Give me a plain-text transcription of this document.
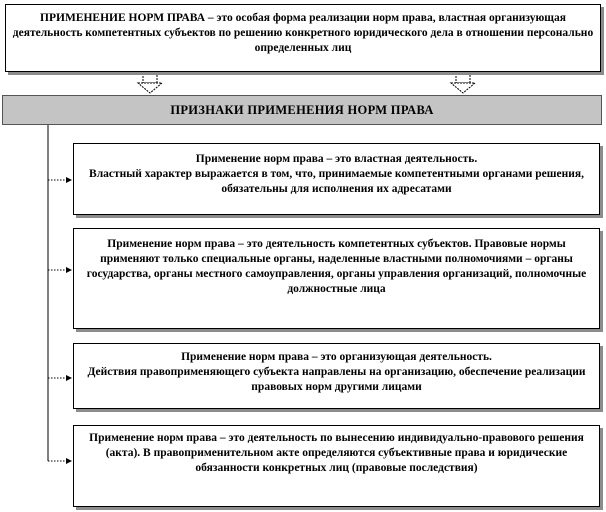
ПРИМЕНЕНИЕ НОРМ ПРАВА – это особая форма реализации норм права, властная организующая деятельность компетентных субъектов по решению конкретного юридического дела в отношении персонально определенных лиц
ПРИЗНАКИ ПРИМЕНЕНИЯ НОРМ ПРАВА
Применение норм права – это властная деятельность.
Властный характер выражается в том, что, принимаемые компетентными органами решения, обязательны для исполнения их адресатами
Применение норм права – это деятельность компетентных субъектов. Правовые нормы применяют только специальные органы, наделенные властными полномочиями – органы государства, органы местного самоуправления, органы управления организаций, полномочные должностные лица
Применение норм права – это организующая деятельность.
Действия правоприменяющего субъекта направлены на организацию, обеспечение реализации правовых норм другими лицами
Применение норм права – это деятельность по вынесению индивидуально-правового решения (акта). В правоприменительном акте определяются субъективные права и юридические обязанности конкретных лиц (правовые последствия)
